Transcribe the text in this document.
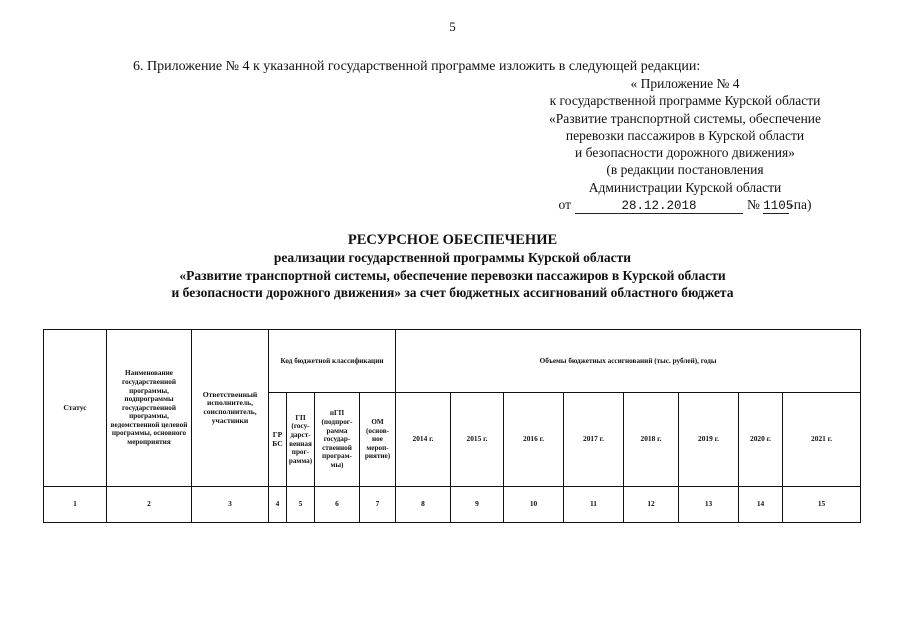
5
6. Приложение № 4 к указанной государственной программе изложить в следующей редакции:
« Приложение № 4
к государственной программе Курской области
«Развитие транспортной системы, обеспечение
перевозки пассажиров в Курской области
и безопасности дорожного движения»
(в редакции постановления
Администрации Курской области
от	28.12.2018	№ 1105-па)
РЕСУРСНОЕ ОБЕСПЕЧЕНИЕ
реализации государственной программы Курской области
«Развитие транспортной системы, обеспечение перевозки пассажиров в Курской области
и безопасности дорожного движения» за счет бюджетных ассигнований областного бюджета
Статус	Наименование государственной программы, подпрограммы государственной программы, ведомственной целевой программы, основного мероприятия	Ответственный исполнитель, соисполнитель, участники	Код бюджетной классификации				Объемы бюджетных ассигнований (тыс. рублей), годы							
			ГР БС	ГП (госу-дарст-венная прог-рамма)	пГП (подпрог-рамма государ-ственной програм-мы)	ОМ (основ-ное мероп-риятие)	2014 г.	2015 г.	2016 г.	2017 г.	2018 г.	2019 г.	2020 г.	2021 г.
1	2	3	4	5	6	7	8	9	10	11	12	13	14	15
